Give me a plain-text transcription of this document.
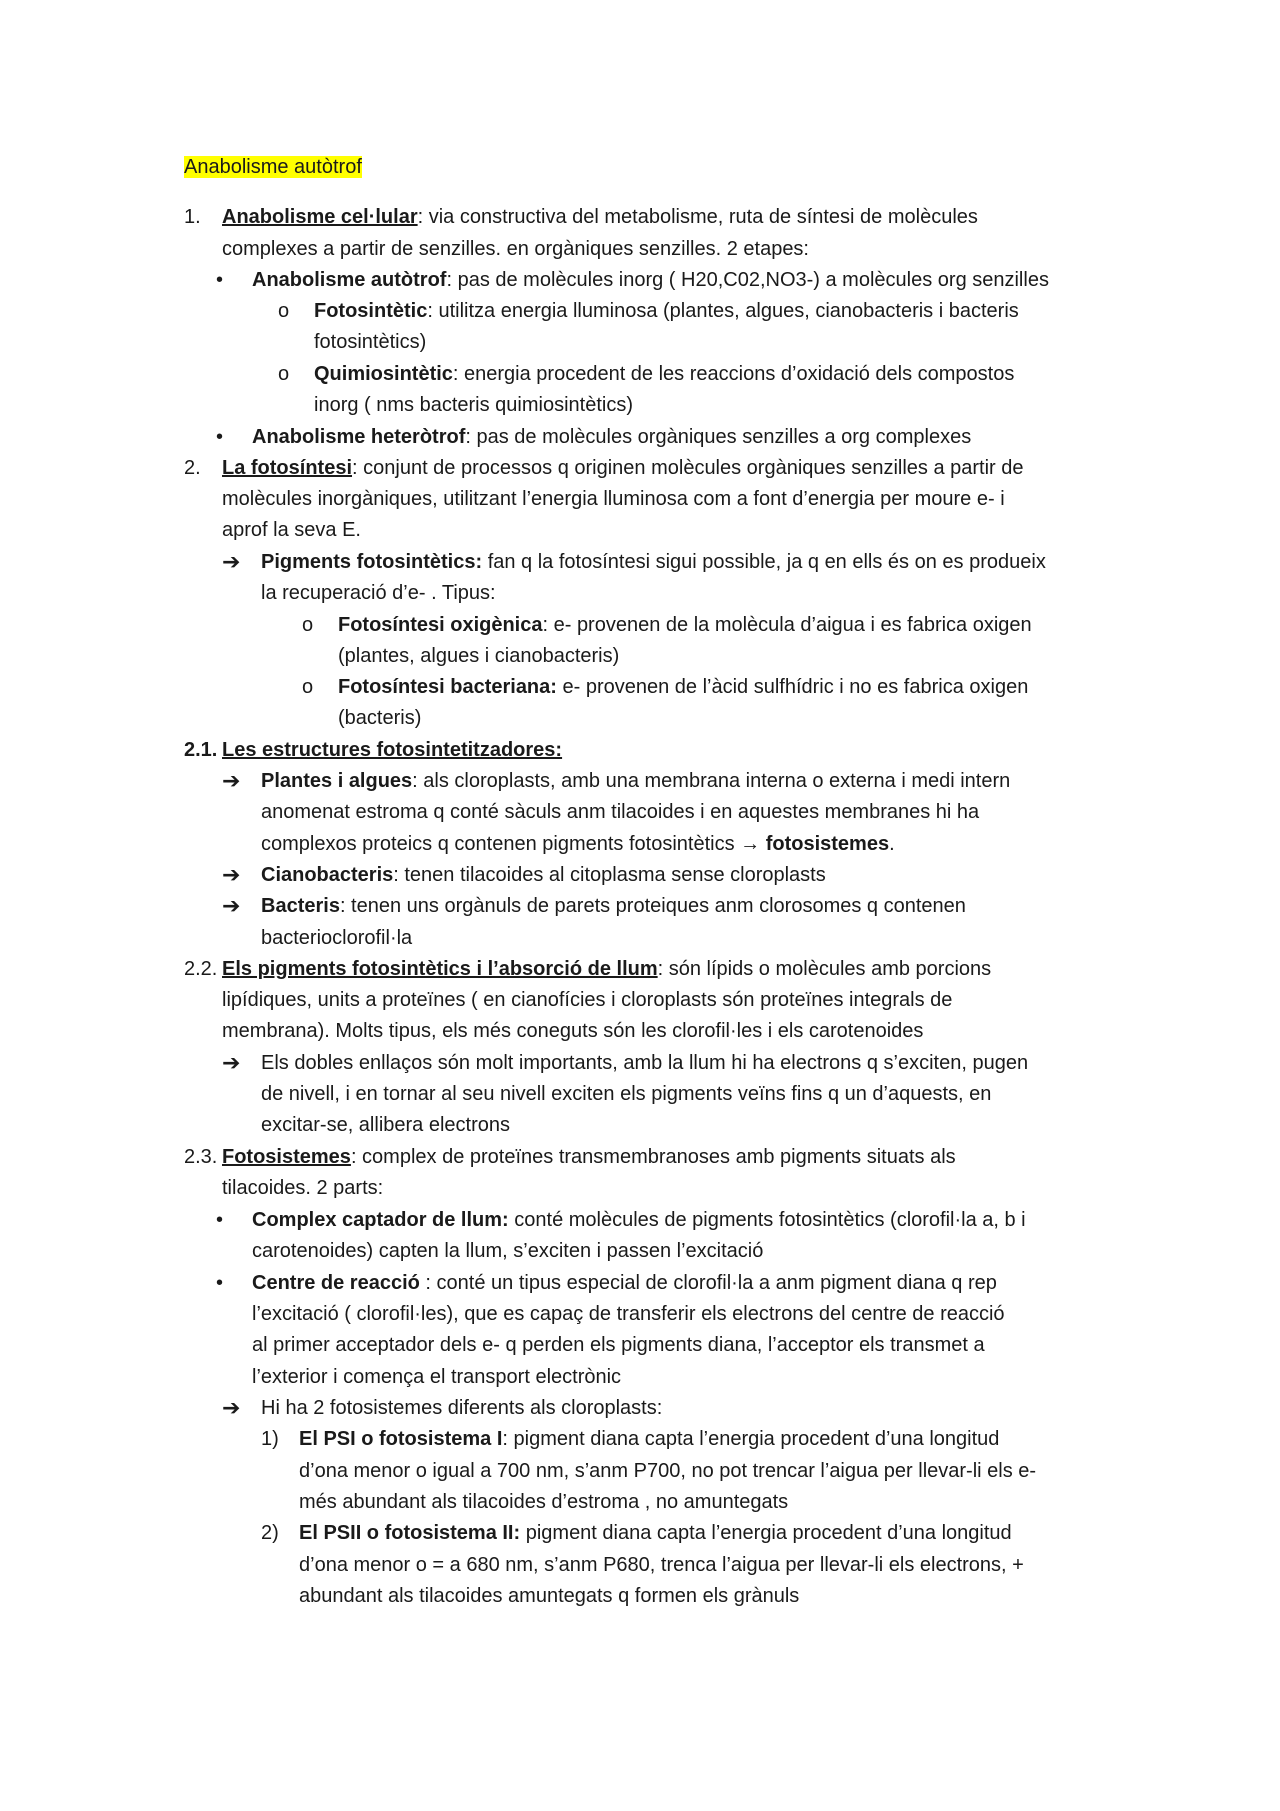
Anabolisme autòtrof
1. Anabolisme cel·lular: via constructiva del metabolisme, ruta de síntesi de molècules
complexes a partir de senzilles. en orgàniques senzilles. 2 etapes:
• Anabolisme autòtrof: pas de molècules inorg ( H20,C02,NO3-) a molècules org senzilles
o Fotosintètic: utilitza energia lluminosa (plantes, algues, cianobacteris i bacteris
fotosintètics)
o Quimiosintètic: energia procedent de les reaccions d’oxidació dels compostos
inorg ( nms bacteris quimiosintètics)
• Anabolisme heteròtrof: pas de molècules orgàniques senzilles a org complexes
2. La fotosíntesi: conjunt de processos q originen molècules orgàniques senzilles a partir de
molècules inorgàniques, utilitzant l’energia lluminosa com a font d’energia per moure e- i
aprof la seva E.
➔ Pigments fotosintètics: fan q la fotosíntesi sigui possible, ja q en ells és on es produeix
la recuperació d’e- . Tipus:
o Fotosíntesi oxigènica: e- provenen de la molècula d’aigua i es fabrica oxigen
(plantes, algues i cianobacteris)
o Fotosíntesi bacteriana: e- provenen de l’àcid sulfhídric i no es fabrica oxigen
(bacteris)
2.1. Les estructures fotosintetitzadores:
➔ Plantes i algues: als cloroplasts, amb una membrana interna o externa i medi intern
anomenat estroma q conté sàculs anm tilacoides i en aquestes membranes hi ha
complexos proteics q contenen pigments fotosintètics → fotosistemes.
➔ Cianobacteris: tenen tilacoides al citoplasma sense cloroplasts
➔ Bacteris: tenen uns orgànuls de parets proteiques anm clorosomes q contenen
bacterioclorofil·la
2.2. Els pigments fotosintètics i l’absorció de llum: són lípids o molècules amb porcions
lipídiques, units a proteïnes ( en cianofícies i cloroplasts són proteïnes integrals de
membrana). Molts tipus, els més coneguts són les clorofil·les i els carotenoides
➔ Els dobles enllaços són molt importants, amb la llum hi ha electrons q s’exciten, pugen
de nivell, i en tornar al seu nivell exciten els pigments veïns fins q un d’aquests, en
excitar-se, allibera electrons
2.3. Fotosistemes: complex de proteïnes transmembranoses amb pigments situats als
tilacoides. 2 parts:
• Complex captador de llum: conté molècules de pigments fotosintètics (clorofil·la a, b i
carotenoides) capten la llum, s’exciten i passen l’excitació
• Centre de reacció : conté un tipus especial de clorofil·la a anm pigment diana q rep
l’excitació ( clorofil·les), que es capaç de transferir els electrons del centre de reacció
al primer acceptador dels e- q perden els pigments diana, l’acceptor els transmet a
l’exterior i comença el transport electrònic
➔ Hi ha 2 fotosistemes diferents als cloroplasts:
1) El PSI o fotosistema I: pigment diana capta l’energia procedent d’una longitud
d’ona menor o igual a 700 nm, s’anm P700, no pot trencar l’aigua per llevar-li els e-
més abundant als tilacoides d’estroma , no amuntegats
2) El PSII o fotosistema II: pigment diana capta l’energia procedent d’una longitud
d’ona menor o = a 680 nm, s’anm P680, trenca l’aigua per llevar-li els electrons, +
abundant als tilacoides amuntegats q formen els grànuls
